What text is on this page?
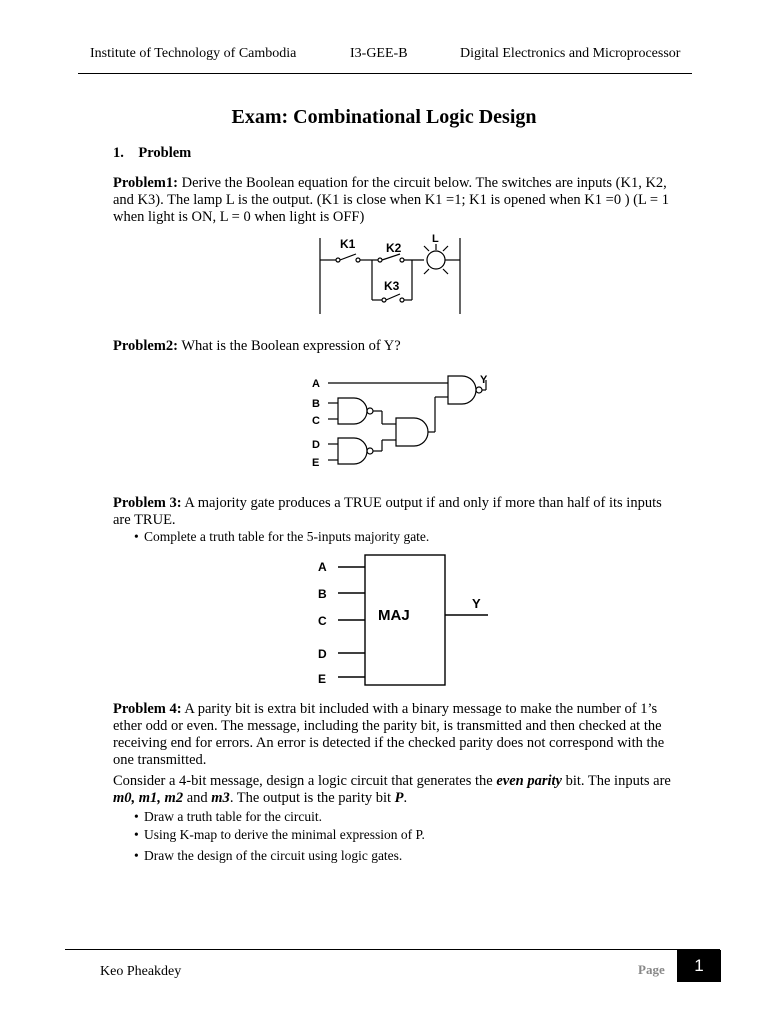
Institute of Technology of Cambodia	I3-GEE-B	Digital Electronics and Microprocessor
Exam: Combinational Logic Design
1. Problem
Problem1: Derive the Boolean equation for the circuit below. The switches are inputs (K1, K2, and K3). The lamp L is the output. (K1 is close when K1 =1; K1 is opened when K1 =0 ) (L = 1 when light is ON, L = 0 when light is OFF)
K1	K2
K3
L
Problem2: What is the Boolean expression of Y?
A
B
C
D
E
Y
Problem 3: A majority gate produces a TRUE output if and only if more than half of its inputs are TRUE.
• Complete a truth table for the 5-inputs majority gate.
A
B
C
D
E
MAJ
Y
Problem 4: A parity bit is extra bit included with a binary message to make the number of 1’s ether odd or even. The message, including the parity bit, is transmitted and then checked at the receiving end for errors. An error is detected if the checked parity does not correspond with the one transmitted.
Consider a 4-bit message, design a logic circuit that generates the even parity bit. The inputs are m0, m1, m2 and m3. The output is the parity bit P.
• Draw a truth table for the circuit.
• Using K-map to derive the minimal expression of P.
• Draw the design of the circuit using logic gates.
Keo Pheakdey	Page	1
